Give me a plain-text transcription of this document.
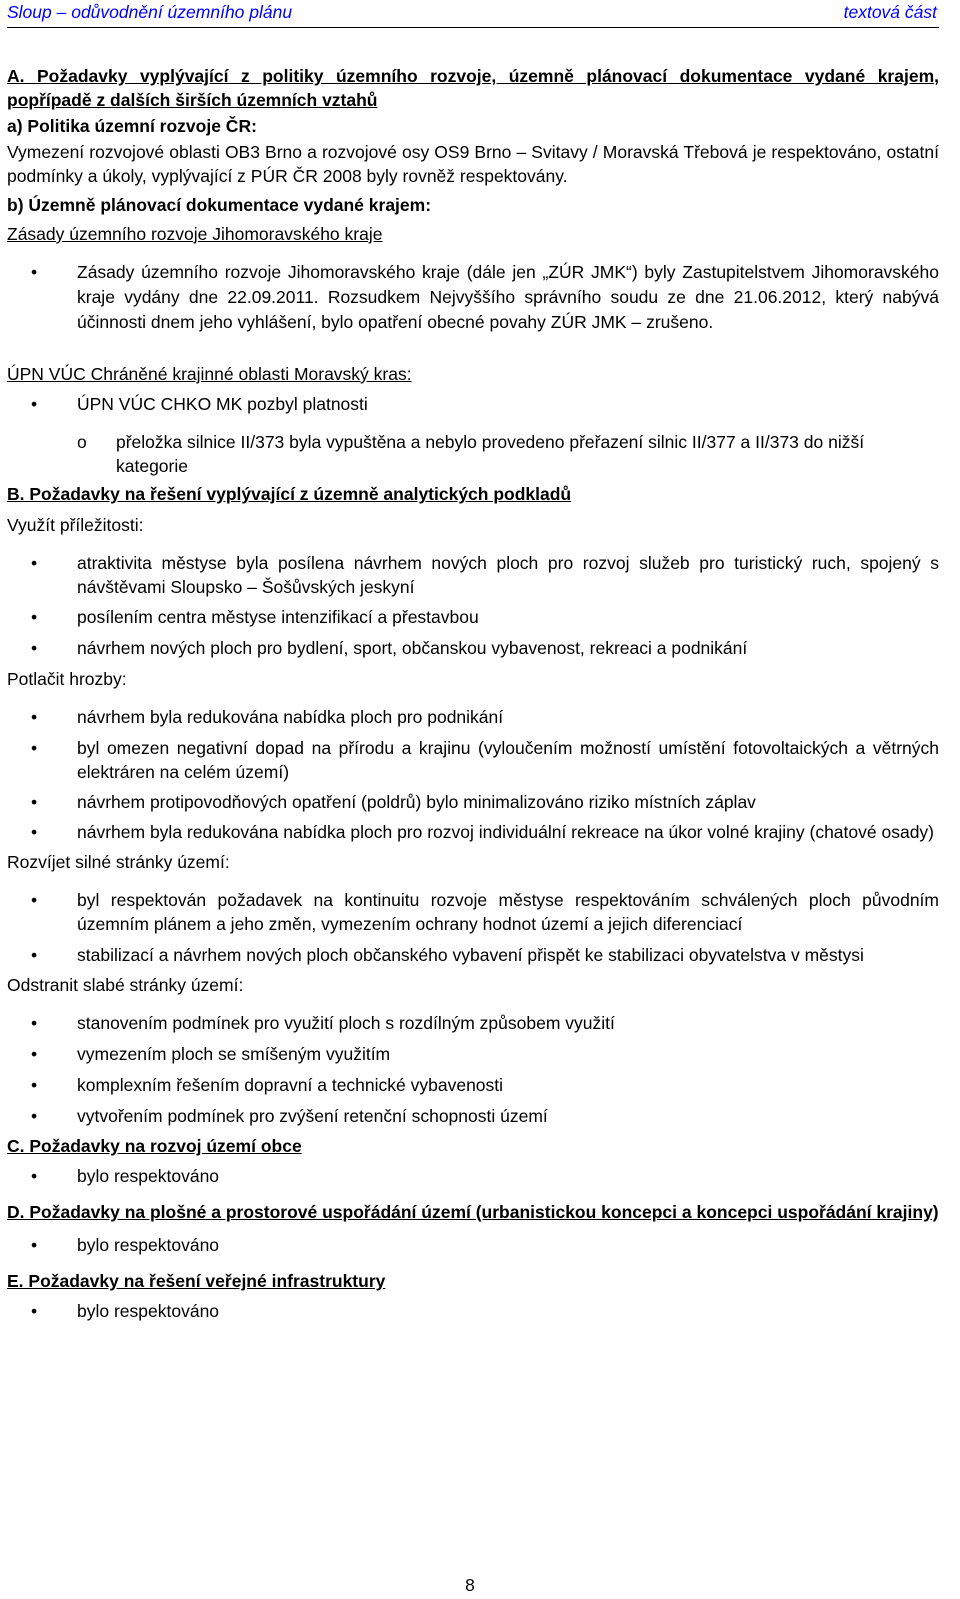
Sloup – odůvodnění územního plánu	textová část
A. Požadavky vyplývající z politiky územního rozvoje, územně plánovací dokumentace vydané krajem, popřípadě z dalších širších územních vztahů
a) Politika územní rozvoje ČR:
Vymezení rozvojové oblasti OB3 Brno a rozvojové osy OS9 Brno – Svitavy / Moravská Třebová je respektováno, ostatní podmínky a úkoly, vyplývající z PÚR ČR 2008 byly rovněž respektovány.
b) Územně plánovací dokumentace vydané krajem:
Zásady územního rozvoje Jihomoravského kraje
• Zásady územního rozvoje Jihomoravského kraje (dále jen „ZÚR JMK“) byly Zastupitelstvem Jihomoravského kraje vydány dne 22.09.2011. Rozsudkem Nejvyššího správního soudu ze dne 21.06.2012, který nabývá účinnosti dnem jeho vyhlášení, bylo opatření obecné povahy ZÚR JMK – zrušeno.
ÚPN VÚC Chráněné krajinné oblasti Moravský kras:
• ÚPN VÚC CHKO MK pozbyl platnosti
o přeložka silnice II/373 byla vypuštěna a nebylo provedeno přeřazení silnic II/377 a II/373 do nižší kategorie
B. Požadavky na řešení vyplývající z územně analytických podkladů
Využít příležitosti:
• atraktivita městyse byla posílena návrhem nových ploch pro rozvoj služeb pro turistický ruch, spojený s návštěvami Sloupsko – Šošůvských jeskyní
• posílením centra městyse intenzifikací a přestavbou
• návrhem nových ploch pro bydlení, sport, občanskou vybavenost, rekreaci a podnikání
Potlačit hrozby:
• návrhem byla redukována nabídka ploch pro podnikání
• byl omezen negativní dopad na přírodu a krajinu (vyloučením možností umístění fotovoltaických a větrných elektráren na celém území)
• návrhem protipovodňových opatření (poldrů) bylo minimalizováno riziko místních záplav
• návrhem byla redukována nabídka ploch pro rozvoj individuální rekreace na úkor volné krajiny (chatové osady)
Rozvíjet silné stránky území:
• byl respektován požadavek na kontinuitu rozvoje městyse respektováním schválených ploch původním územním plánem a jeho změn, vymezením ochrany hodnot území a jejich diferenciací
• stabilizací a návrhem nových ploch občanského vybavení přispět ke stabilizaci obyvatelstva v městysi
Odstranit slabé stránky území:
• stanovením podmínek pro využití ploch s rozdílným způsobem využití
• vymezením ploch se smíšeným využitím
• komplexním řešením dopravní a technické vybavenosti
• vytvořením podmínek pro zvýšení retenční schopnosti území
C. Požadavky na rozvoj území obce
• bylo respektováno
D. Požadavky na plošné a prostorové uspořádání území (urbanistickou koncepci a koncepci uspořádání krajiny)
• bylo respektováno
E. Požadavky na řešení veřejné infrastruktury
• bylo respektováno
8
